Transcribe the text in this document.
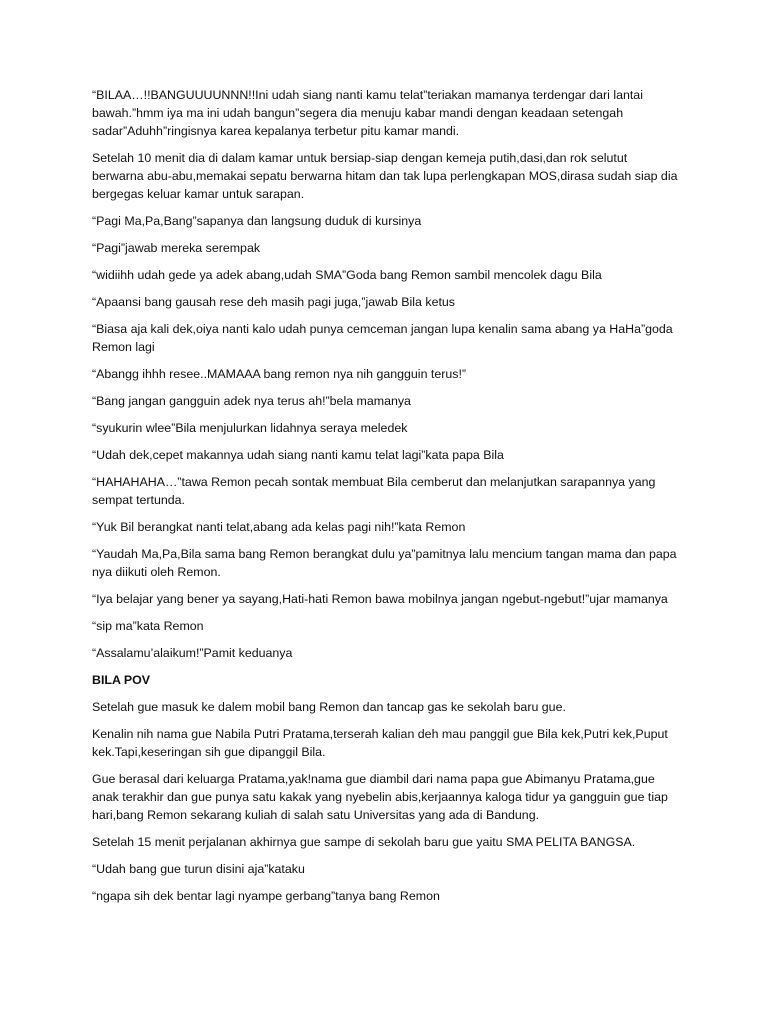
“BILAA…!!BANGUUUUNNN!!Ini udah siang nanti kamu telat”teriakan mamanya terdengar dari lantai bawah.”hmm iya ma ini udah bangun”segera dia menuju kabar mandi dengan keadaan setengah sadar”Aduhh”ringisnya karea kepalanya terbetur pitu kamar mandi.

Setelah 10 menit dia di dalam kamar untuk bersiap-siap dengan kemeja putih,dasi,dan rok selutut berwarna abu-abu,memakai sepatu berwarna hitam dan tak lupa perlengkapan MOS,dirasa sudah siap dia bergegas keluar kamar untuk sarapan.

“Pagi Ma,Pa,Bang”sapanya dan langsung duduk di kursinya

“Pagi”jawab mereka serempak

“widiihh udah gede ya adek abang,udah SMA”Goda bang Remon sambil mencolek dagu Bila

“Apaansi bang gausah rese deh masih pagi juga,”jawab Bila ketus

“Biasa aja kali dek,oiya nanti kalo udah punya cemceman jangan lupa kenalin sama abang ya HaHa”goda Remon lagi

“Abangg ihhh resee..MAMAAA bang remon nya nih gangguin terus!”

“Bang jangan gangguin adek nya terus ah!”bela mamanya

“syukurin wlee”Bila menjulurkan lidahnya seraya meledek

“Udah dek,cepet makannya udah siang nanti kamu telat lagi”kata papa Bila

“HAHAHAHA…”tawa Remon pecah sontak membuat Bila cemberut dan melanjutkan sarapannya yang sempat tertunda.

“Yuk Bil berangkat nanti telat,abang ada kelas pagi nih!”kata Remon

“Yaudah Ma,Pa,Bila sama bang Remon berangkat dulu ya”pamitnya lalu mencium tangan mama dan papa nya diikuti oleh Remon.

“Iya belajar yang bener ya sayang,Hati-hati Remon bawa mobilnya jangan ngebut-ngebut!”ujar mamanya

“sip ma”kata Remon

“Assalamu’alaikum!”Pamit keduanya

BILA POV

Setelah gue masuk ke dalem mobil bang Remon dan tancap gas ke sekolah baru gue.

Kenalin nih nama gue Nabila Putri Pratama,terserah kalian deh mau panggil gue Bila kek,Putri kek,Puput kek.Tapi,keseringan sih gue dipanggil Bila.

Gue berasal dari keluarga Pratama,yak!nama gue diambil dari nama papa gue Abimanyu Pratama,gue anak terakhir dan gue punya satu kakak yang nyebelin abis,kerjaannya kaloga tidur ya gangguin gue tiap hari,bang Remon sekarang kuliah di salah satu Universitas yang ada di Bandung.

Setelah 15 menit perjalanan akhirnya gue sampe di sekolah baru gue yaitu SMA PELITA BANGSA.

“Udah bang gue turun disini aja”kataku

“ngapa sih dek bentar lagi nyampe gerbang”tanya bang Remon
